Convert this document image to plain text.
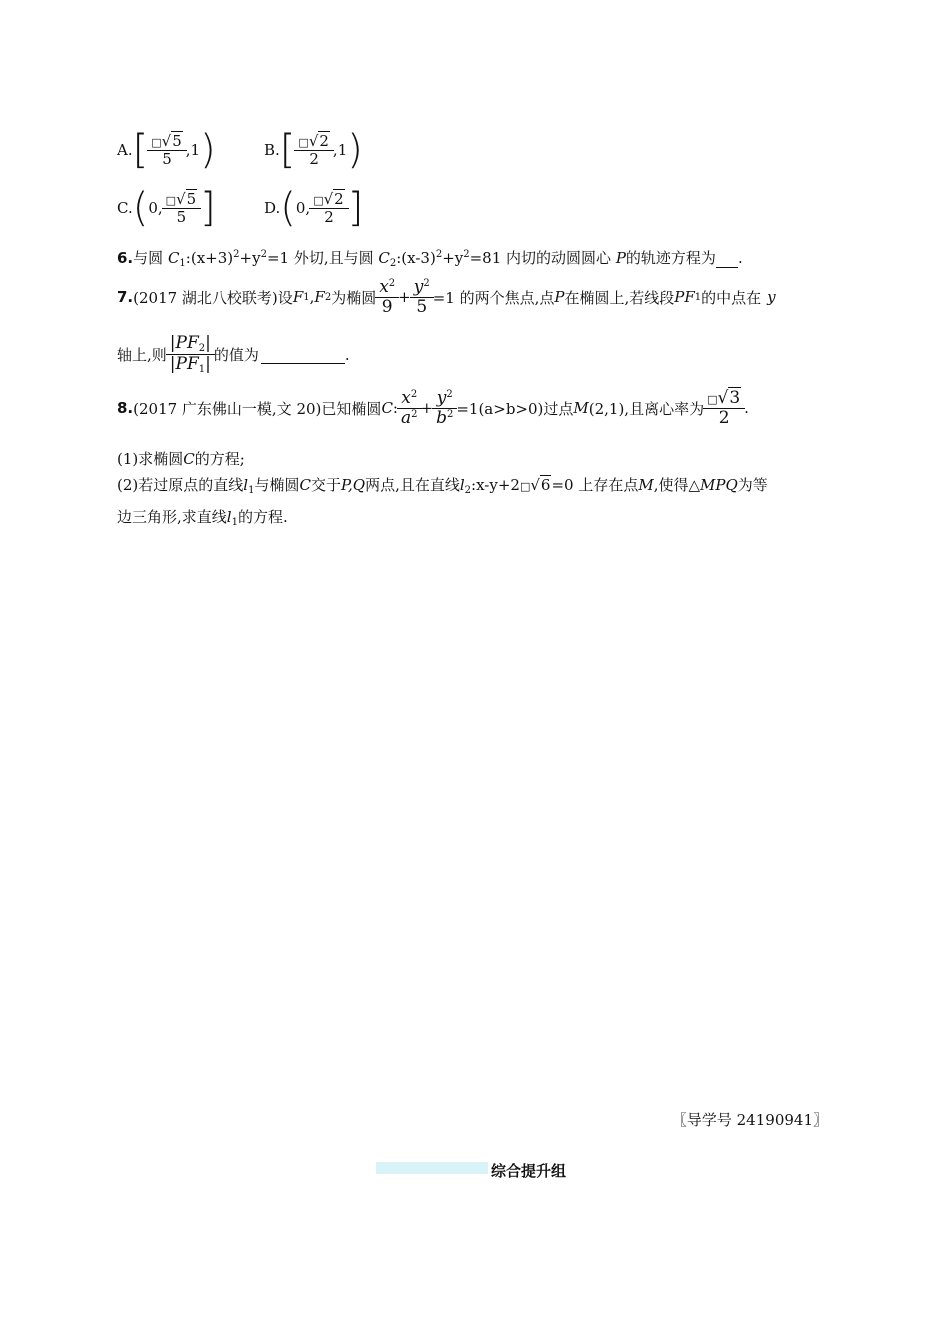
A. [ $\frac{□√5}{5}$ , 1 )	B. [ $\frac{□√2}{2}$ , 1 )
C. ( 0 , $\frac{□√5}{5}$ ]	D. ( 0 , $\frac{□√2}{2}$ ]
6.与圆 $C_1:(x+3)^2+y^2=1$ 外切,且与圆 $C_2:(x-3)^2+y^2=81$ 内切的动圆圆心 P的轨迹方程为 .
7. (2017 湖北八校联考) 设 F 1 , F 2 为椭圆 $\frac{x^2}{9} + \frac{y^2}{5} =1$ 的两个焦点,点 P 在椭圆上,若线段 PF 1 的中点在 y
轴上,则 $\frac{|PF_2|}{|PF_1|}$ 的值为
	.
8. (2017 广东佛山一模,文 20) 已知椭圆 C : $\frac{x^2}{a^2} + \frac{y^2}{b^2} =1(a>b>0)$过点 M (2,1),且离心率为 $\frac{□√3}{2}$ .
(1)求椭圆C的方程;
(2)若过原点的直线$l_1$与椭圆C交于P,Q两点,且在直线$l_2:x-y+2□√6=0$ 上存在点M,使得△MPQ为等
边三角形,求直线$l_1$的方程.
〖导学号 24190941〗
综合提升组
